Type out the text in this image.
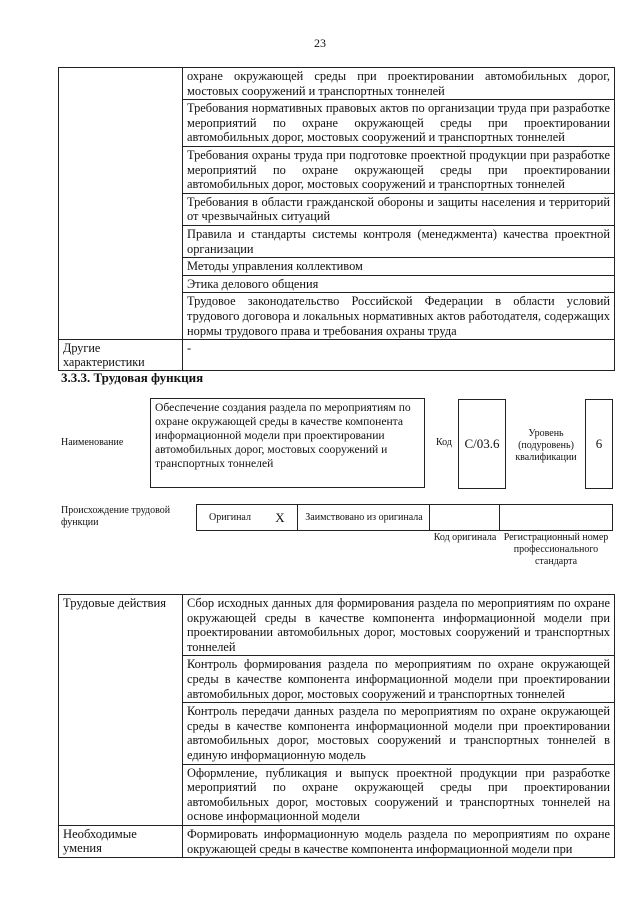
23
	охране окружающей среды при проектировании автомобильных дорог, мостовых сооружений и транспортных тоннелей
	Требования нормативных правовых актов по организации труда при разработке мероприятий по охране окружающей среды при проектировании автомобильных дорог, мостовых сооружений и транспортных тоннелей
	Требования охраны труда при подготовке проектной продукции при разработке мероприятий по охране окружающей среды при проектировании автомобильных дорог, мостовых сооружений и транспортных тоннелей
	Требования в области гражданской обороны и защиты населения и территорий от чрезвычайных ситуаций
	Правила и стандарты системы контроля (менеджмента) качества проектной организации
	Методы управления коллективом
	Этика делового общения
	Трудовое законодательство Российской Федерации в области условий трудового договора и локальных нормативных актов работодателя, содержащих нормы трудового права и требования охраны труда
Другие характеристики	-
3.3.3. Трудовая функция
Наименование
Обеспечение создания раздела по мероприятиям по охране окружающей среды в качестве компонента информационной модели при проектировании автомобильных дорог, мостовых сооружений и транспортных тоннелей
Код С/03.6
Уровень (подуровень) квалификации
6
Происхождение трудовой функции	Оригинал	X	Заимствовано из оригинала
Код оригинала Регистрационный номер профессионального стандарта
Трудовые действия	Сбор исходных данных для формирования раздела по мероприятиям по охране окружающей среды в качестве компонента информационной модели при проектировании автомобильных дорог, мостовых сооружений и транспортных тоннелей
	Контроль формирования раздела по мероприятиям по охране окружающей среды в качестве компонента информационной модели при проектировании автомобильных дорог, мостовых сооружений и транспортных тоннелей
	Контроль передачи данных раздела по мероприятиям по охране окружающей среды в качестве компонента информационной модели при проектировании автомобильных дорог, мостовых сооружений и транспортных тоннелей в единую информационную модель
	Оформление, публикация и выпуск проектной продукции при разработке мероприятий по охране окружающей среды при проектировании автомобильных дорог, мостовых сооружений и транспортных тоннелей на основе информационной модели
Необходимые умения	Формировать информационную модель раздела по мероприятиям по охране окружающей среды в качестве компонента информационной модели при
